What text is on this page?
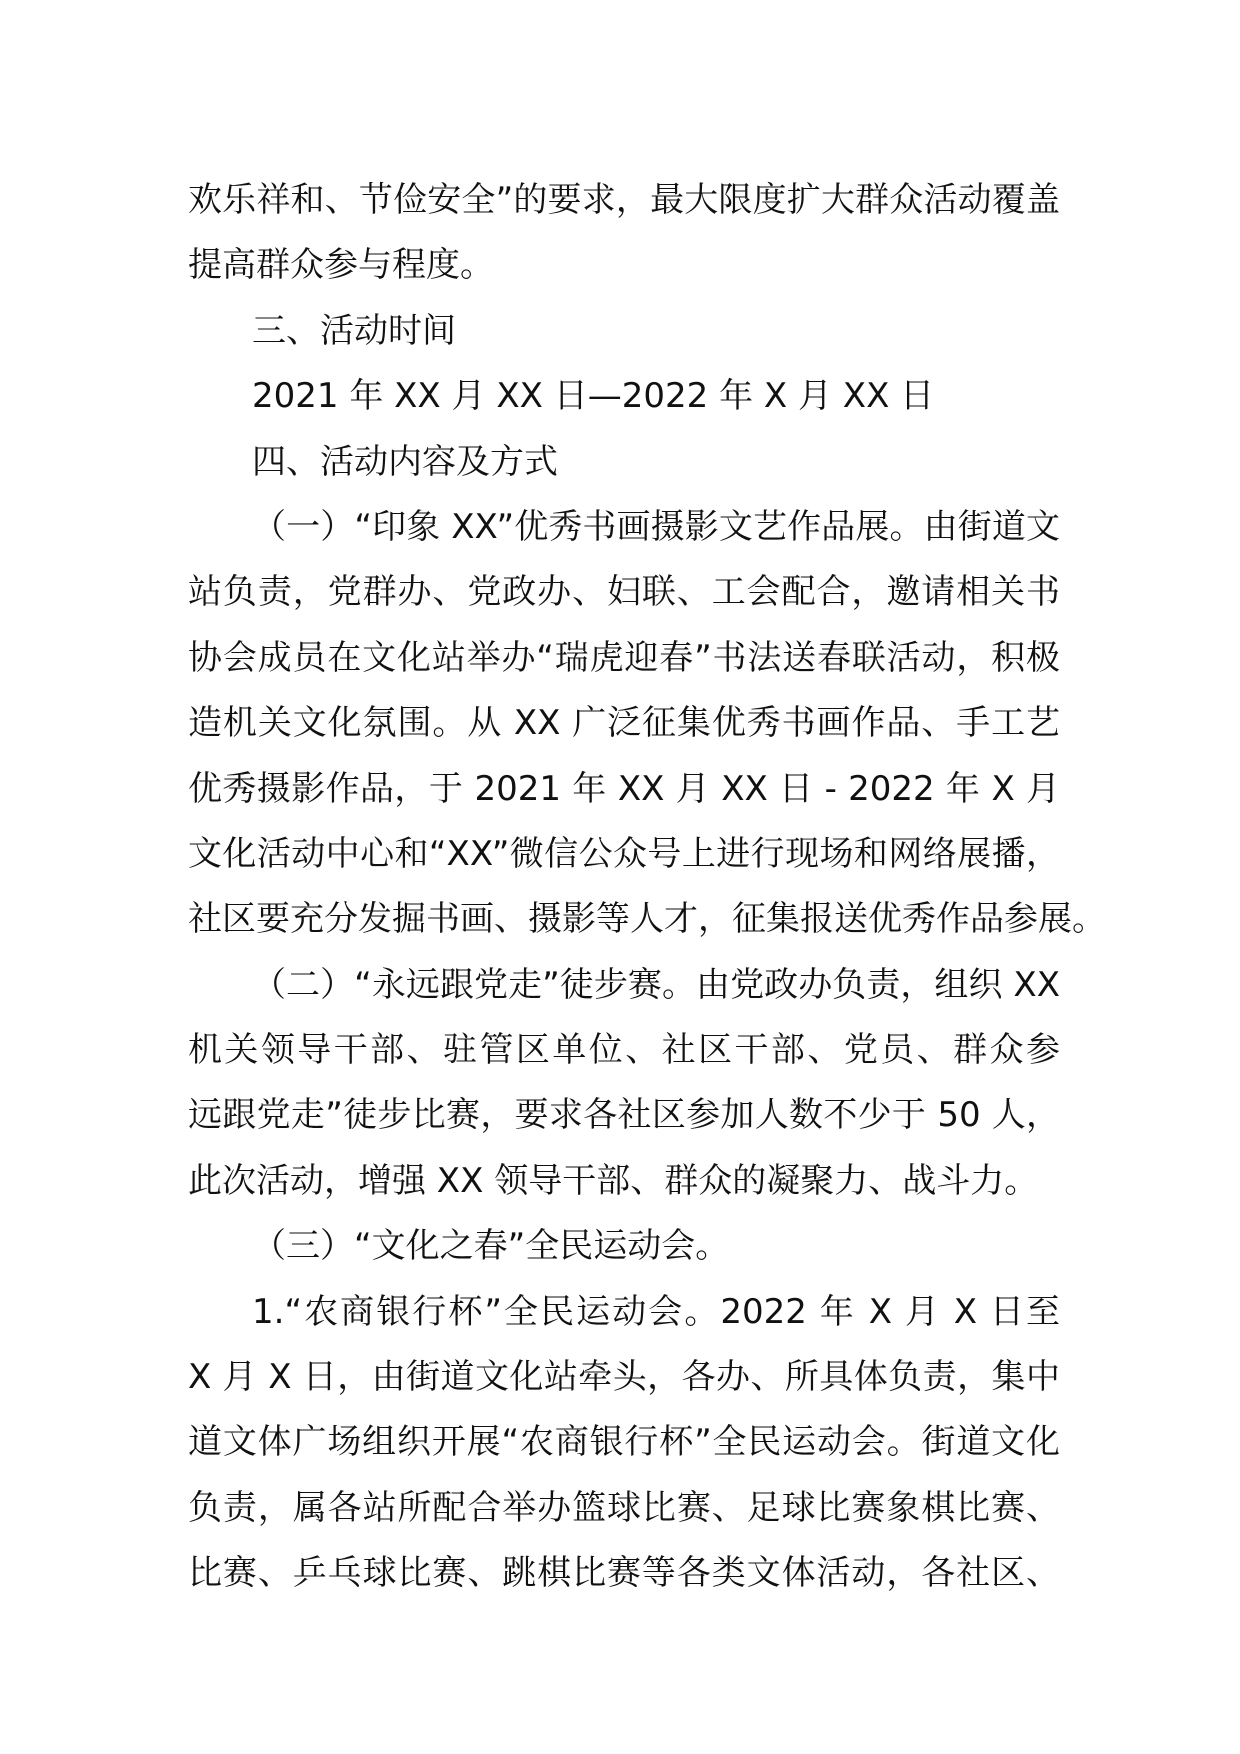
欢乐祥和、节俭安全”的要求，最大限度扩大群众活动覆盖
提高群众参与程度。
三、活动时间
2021 年 XX 月 XX 日—2022 年 X 月 XX 日
四、活动内容及方式
（一）“印象 XX”优秀书画摄影文艺作品展。由街道文
站负责，党群办、党政办、妇联、工会配合，邀请相关书
协会成员在文化站举办“瑞虎迎春”书法送春联活动，积极
造机关文化氛围。从 XX 广泛征集优秀书画作品、手工艺
优秀摄影作品，于 2021 年 XX 月 XX 日 - 2022 年 X 月
文化活动中心和“XX”微信公众号上进行现场和网络展播，
社区要充分发掘书画、摄影等人才，征集报送优秀作品参展。
（二）“永远跟党走”徒步赛。由党政办负责，组织 XX
机关领导干部、驻管区单位、社区干部、党员、群众参
远跟党走”徒步比赛，要求各社区参加人数不少于 50 人，
此次活动，增强 XX 领导干部、群众的凝聚力、战斗力。
（三）“文化之春”全民运动会。
1.“农商银行杯”全民运动会。2022 年 X 月 X 日至
X 月 X 日，由街道文化站牵头，各办、所具体负责，集中
道文体广场组织开展“农商银行杯”全民运动会。街道文化
负责，属各站所配合举办篮球比赛、足球比赛象棋比赛、
比赛、乒乓球比赛、跳棋比赛等各类文体活动，各社区、
